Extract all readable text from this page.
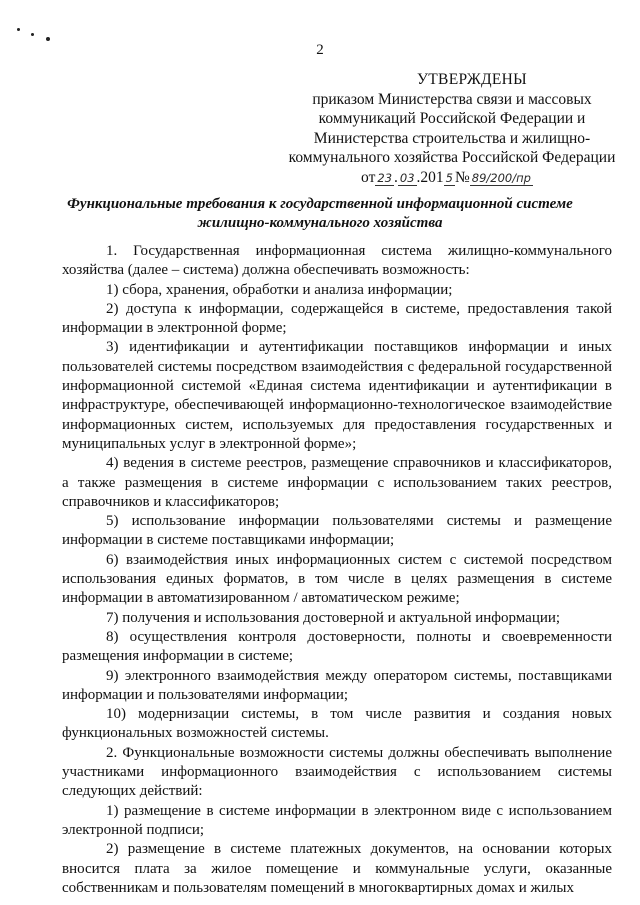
2
УТВЕРЖДЕНЫ
приказом Министерства связи и массовых
коммуникаций Российской Федерации и
Министерства строительства и жилищно-
коммунального хозяйства Российской Федерации
от 23 . 03 .201 5 № 89/200/пр
Функциональные требования к государственной информационной системе жилищно-коммунального хозяйства

1. Государственная информационная система жилищно-коммунального хозяйства (далее – система) должна обеспечивать возможность:

1) сбора, хранения, обработки и анализа информации;

2) доступа к информации, содержащейся в системе, предоставления такой информации в электронной форме;

3) идентификации и аутентификации поставщиков информации и иных пользователей системы посредством взаимодействия с федеральной государственной информационной системой «Единая система идентификации и аутентификации в инфраструктуре, обеспечивающей информационно-технологическое взаимодействие информационных систем, используемых для предоставления государственных и муниципальных услуг в электронной форме»;

4) ведения в системе реестров, размещение справочников и классификаторов, а также размещения в системе информации с использованием таких реестров, справочников и классификаторов;

5) использование информации пользователями системы и размещение информации в системе поставщиками информации;

6) взаимодействия иных информационных систем с системой посредством использования единых форматов, в том числе в целях размещения в системе информации в автоматизированном / автоматическом режиме;

7) получения и использования достоверной и актуальной информации;

8) осуществления контроля достоверности, полноты и своевременности размещения информации в системе;

9) электронного взаимодействия между оператором системы, поставщиками информации и пользователями информации;

10) модернизации системы, в том числе развития и создания новых функциональных возможностей системы.

2. Функциональные возможности системы должны обеспечивать выполнение участниками информационного взаимодействия с использованием системы следующих действий:

1) размещение в системе информации в электронном виде с использованием электронной подписи;

2) размещение в системе платежных документов, на основании которых вносится плата за жилое помещение и коммунальные услуги, оказанные собственникам и пользователям помещений в многоквартирных домах и жилых
